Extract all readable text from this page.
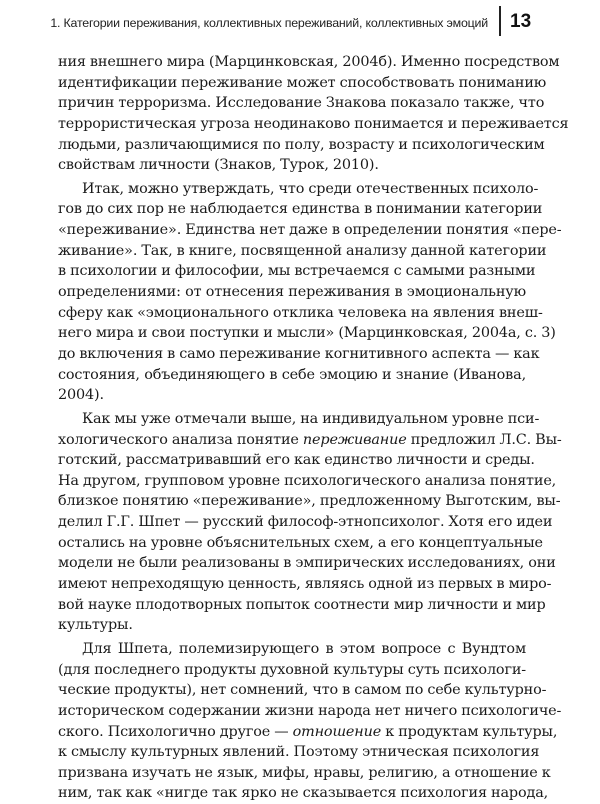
1. Категории переживания, коллективных переживаний, коллективных эмоций 13

ния внешнего мира (Марцинковская, 2004б). Именно посредством
идентификации переживание может способствовать пониманию
причин терроризма. Исследование Знакова показало также, что
террористическая угроза неодинаково понимается и переживается
людьми, различающимися по полу, возрасту и психологическим
свойствам личности (Знаков, Турок, 2010).

Итак, можно утверждать, что среди отечественных психоло-
гов до сих пор не наблюдается единства в понимании категории
«переживание». Единства нет даже в определении понятия «пере-
живание». Так, в книге, посвященной анализу данной категории
в психологии и философии, мы встречаемся с самыми разными
определениями: от отнесения переживания в эмоциональную
сферу как «эмоционального отклика человека на явления внеш-
него мира и свои поступки и мысли» (Марцинковская, 2004а, с. 3)
до включения в само переживание когнитивного аспекта — как
состояния, объединяющего в себе эмоцию и знание (Иванова,
2004).

Как мы уже отмечали выше, на индивидуальном уровне пси-
хологического анализа понятие переживание предложил Л.С. Вы-
готский, рассматривавший его как единство личности и среды.
На другом, групповом уровне психологического анализа понятие,
близкое понятию «переживание», предложенному Выготским, вы-
делил Г.Г. Шпет — русский философ-этнопсихолог. Хотя его идеи
остались на уровне объяснительных схем, а его концептуальные
модели не были реализованы в эмпирических исследованиях, они
имеют непреходящую ценность, являясь одной из первых в миро-
вой науке плодотворных попыток соотнести мир личности и мир
культуры.

Для Шпета, полемизирующего в этом вопросе с Вундтом
(для последнего продукты духовной культуры суть психологи-
ческие продукты), нет сомнений, что в самом по себе культурно-
историческом содержании жизни народа нет ничего психологиче-
ского. Психологично другое — отношение к продуктам культуры,
к смыслу культурных явлений. Поэтому этническая психология
призвана изучать не язык, мифы, нравы, религию, а отношение к
ним, так как «нигде так ярко не сказывается психология народа,
